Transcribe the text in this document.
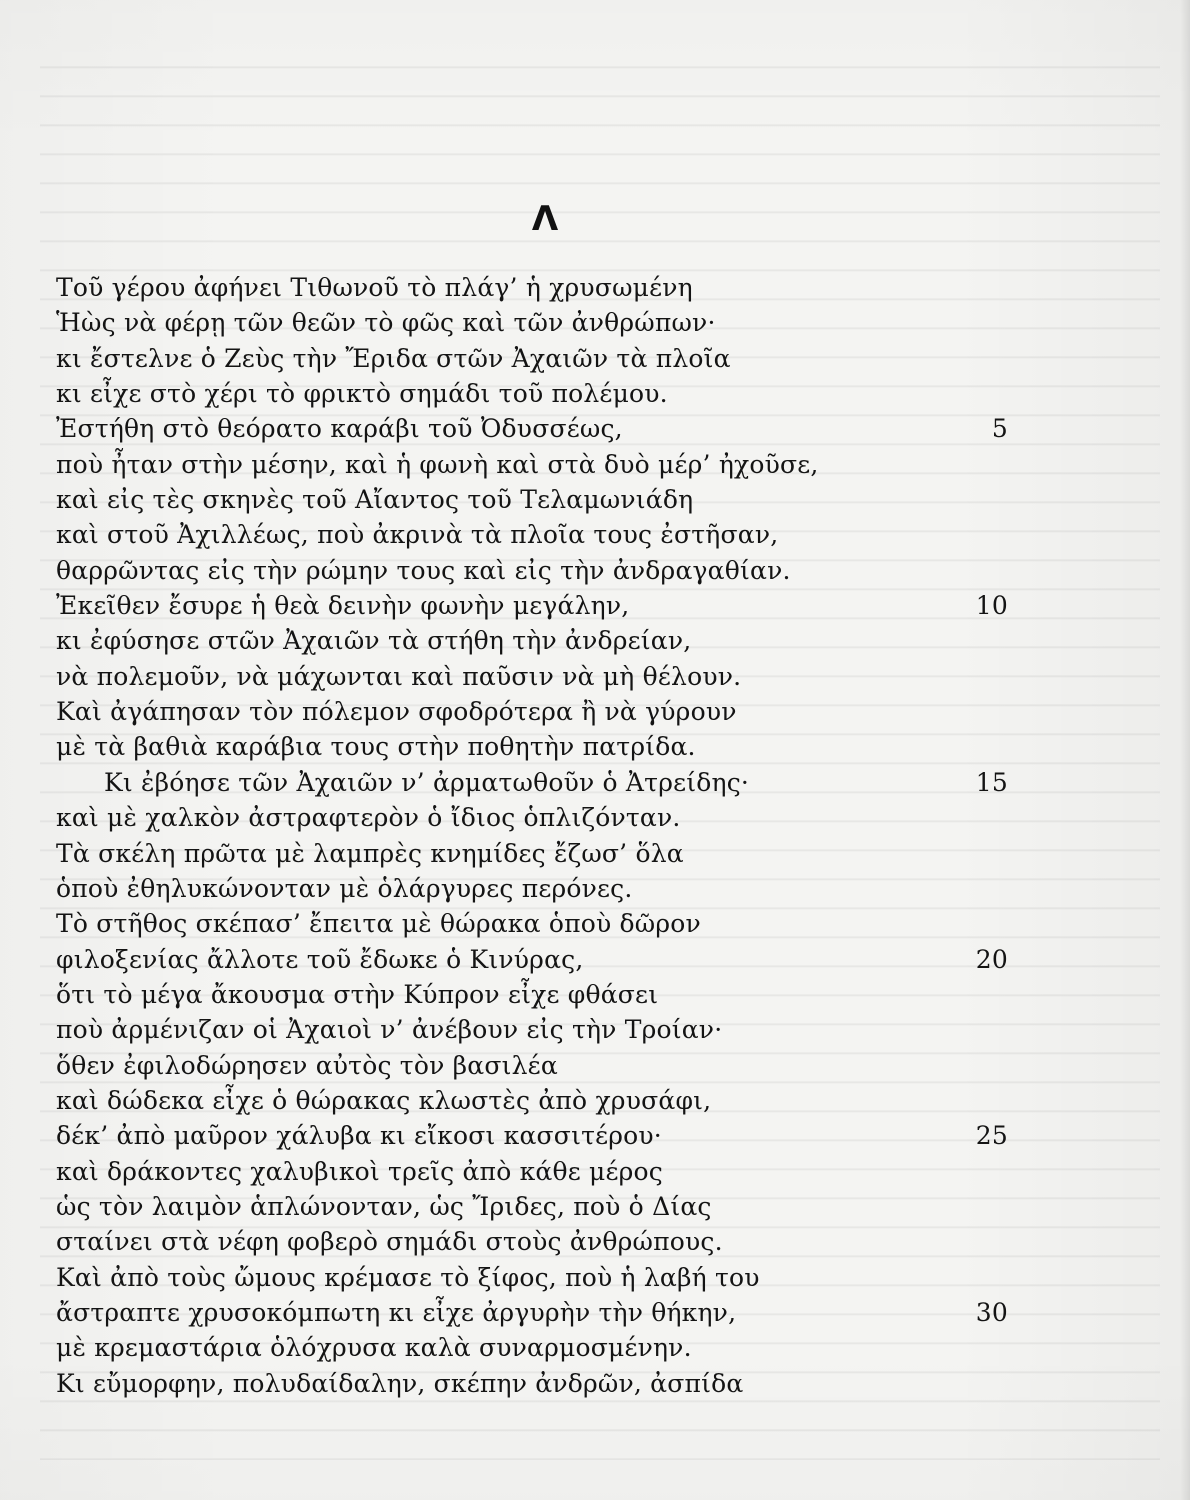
Λ
Τοῦ γέρου ἀφήνει Τιθωνοῦ τὸ πλάγ’ ἡ χρυσωμένη
Ἡὼς νὰ φέρῃ τῶν θεῶν τὸ φῶς καὶ τῶν ἀνθρώπων·
κι ἔστελνε ὁ Ζεὺς τὴν Ἔριδα στῶν Ἀχαιῶν τὰ πλοῖα
κι εἶχε στὸ χέρι τὸ φρικτὸ σημάδι τοῦ πολέμου.
Ἐστήθη στὸ θεόρατο καράβι τοῦ Ὀδυσσέως,	5
ποὺ ἦταν στὴν μέσην, καὶ ἡ φωνὴ καὶ στὰ δυὸ μέρ’ ἠχοῦσε,
καὶ εἰς τὲς σκηνὲς τοῦ Αἴαντος τοῦ Τελαμωνιάδη
καὶ στοῦ Ἀχιλλέως, ποὺ ἀκρινὰ τὰ πλοῖα τους ἐστῆσαν,
θαρρῶντας εἰς τὴν ρώμην τους καὶ εἰς τὴν ἀνδραγαθίαν.
Ἐκεῖθεν ἔσυρε ἡ θεὰ δεινὴν φωνὴν μεγάλην,	10
κι ἐφύσησε στῶν Ἀχαιῶν τὰ στήθη τὴν ἀνδρείαν,
νὰ πολεμοῦν, νὰ μάχωνται καὶ παῦσιν νὰ μὴ θέλουν.
Καὶ ἀγάπησαν τὸν πόλεμον σφοδρότερα ἢ νὰ γύρουν
μὲ τὰ βαθιὰ καράβια τους στὴν ποθητὴν πατρίδα.
Κι ἐβόησε τῶν Ἀχαιῶν ν’ ἀρματωθοῦν ὁ Ἀτρείδης·	15
καὶ μὲ χαλκὸν ἀστραφτερὸν ὁ ἴδιος ὁπλιζόνταν.
Τὰ σκέλη πρῶτα μὲ λαμπρὲς κνημίδες ἔζωσ’ ὅλα
ὁποὺ ἐθηλυκώνονταν μὲ ὁλάργυρες περόνες.
Τὸ στῆθος σκέπασ’ ἔπειτα μὲ θώρακα ὁποὺ δῶρον
φιλοξενίας ἄλλοτε τοῦ ἔδωκε ὁ Κινύρας,	20
ὅτι τὸ μέγα ἄκουσμα στὴν Κύπρον εἶχε φθάσει
ποὺ ἀρμένιζαν οἱ Ἀχαιοὶ ν’ ἀνέβουν εἰς τὴν Τροίαν·
ὅθεν ἐφιλοδώρησεν αὐτὸς τὸν βασιλέα
καὶ δώδεκα εἶχε ὁ θώρακας κλωστὲς ἀπὸ χρυσάφι,
δέκ’ ἀπὸ μαῦρον χάλυβα κι εἴκοσι κασσιτέρου·	25
καὶ δράκοντες χαλυβικοὶ τρεῖς ἀπὸ κάθε μέρος
ὡς τὸν λαιμὸν ἁπλώνονταν, ὡς Ἴριδες, ποὺ ὁ Δίας
σταίνει στὰ νέφη φοβερὸ σημάδι στοὺς ἀνθρώπους.
Καὶ ἀπὸ τοὺς ὤμους κρέμασε τὸ ξίφος, ποὺ ἡ λαβή του
ἄστραπτε χρυσοκόμπωτη κι εἶχε ἀργυρὴν τὴν θήκην,	30
μὲ κρεμαστάρια ὁλόχρυσα καλὰ συναρμοσμένην.
Κι εὔμορφην, πολυδαίδαλην, σκέπην ἀνδρῶν, ἀσπίδα
